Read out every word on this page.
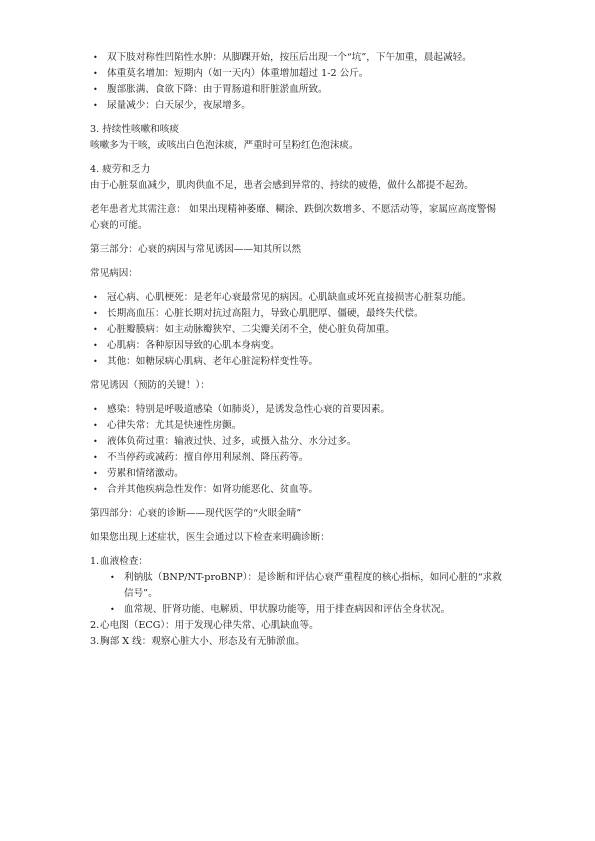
• 双下肢对称性凹陷性水肿：从脚踝开始，按压后出现一个“坑”，下午加重，晨起减轻。
• 体重莫名增加：短期内（如一天内）体重增加超过 1-2 公斤。
• 腹部胀满、食欲下降：由于胃肠道和肝脏淤血所致。
• 尿量减少：白天尿少，夜尿增多。

3. 持续性咳嗽和咳痰

咳嗽多为干咳，或咳出白色泡沫痰，严重时可呈粉红色泡沫痰。

4. 疲劳和乏力

由于心脏泵血减少，肌肉供血不足，患者会感到异常的、持续的疲倦，做什么都提不起劲。

老年患者尤其需注意： 如果出现精神萎靡、糊涂、跌倒次数增多、不愿活动等，家属应高度警惕心衰的可能。

第三部分：心衰的病因与常见诱因——知其所以然

常见病因：

• 冠心病、心肌梗死：是老年心衰最常见的病因。心肌缺血或坏死直接损害心脏泵功能。
• 长期高血压：心脏长期对抗过高阻力，导致心肌肥厚、僵硬，最终失代偿。
• 心脏瓣膜病：如主动脉瓣狭窄、二尖瓣关闭不全，使心脏负荷加重。
• 心肌病：各种原因导致的心肌本身病变。
• 其他：如糖尿病心肌病、老年心脏淀粉样变性等。

常见诱因（预防的关键！）：

• 感染：特别是呼吸道感染（如肺炎），是诱发急性心衰的首要因素。
• 心律失常：尤其是快速性房颤。
• 液体负荷过重：输液过快、过多，或摄入盐分、水分过多。
• 不当停药或减药：擅自停用利尿剂、降压药等。
• 劳累和情绪激动。
• 合并其他疾病急性发作：如肾功能恶化、贫血等。

第四部分：心衰的诊断——现代医学的“火眼金睛”

如果您出现上述症状，医生会通过以下检查来明确诊断：

1. 血液检查：
• 利钠肽（BNP/NT-proBNP）：是诊断和评估心衰严重程度的核心指标，如同心脏的“求救信号”。
• 血常规、肝肾功能、电解质、甲状腺功能等，用于排查病因和评估全身状况。
2. 心电图（ECG）：用于发现心律失常、心肌缺血等。
3. 胸部 X 线：观察心脏大小、形态及有无肺淤血。
